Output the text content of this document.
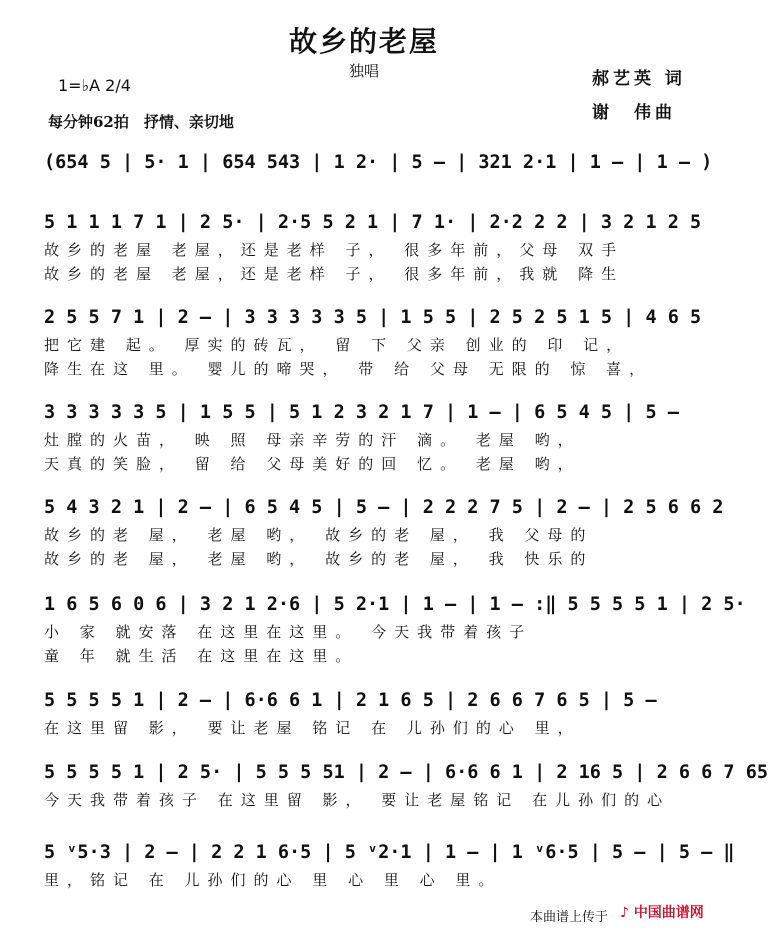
故乡的老屋
独唱	郝艺英 词
谢　伟曲
1=♭A 2/4
每分钟62拍　抒情、亲切地
(654 5 | 5· 1 | 654 543 | 1 2· | 5 – | 321 2·1 | 1 – | 1 – )
5 1 1 1 7 1 | 2 5· | 2·5 5 2 1 | 7 1· | 2·2 2 2 | 3 2 1 2 5
故乡的老屋 老屋，还是老样 子， 很多年前，父母 双手
故乡的老屋 老屋，还是老样 子， 很多年前，我就 降生
2 5 5 7 1 | 2 – | 3 3 3 3 3 5 | 1 5 5 | 2 5 2 5 1 5 | 4 6 5
把它建 起。 厚实的砖瓦， 留 下 父亲 创业的 印 记，
降生在这 里。 婴儿的啼哭， 带 给 父母 无限的 惊 喜，
3 3 3 3 3 5 | 1 5 5 | 5 1 2 3 2 1 7 | 1 – | 6 5 4 5 | 5 –
灶膛的火苗， 映 照 母亲辛劳的汗 滴。 老屋 哟，
天真的笑脸， 留 给 父母美好的回 忆。 老屋 哟，
5 4 3 2 1 | 2 – | 6 5 4 5 | 5 – | 2 2 2 7 5 | 2 – | 2 5 6 6 2
故乡的老 屋， 老屋 哟， 故乡的老 屋， 我 父母的
故乡的老 屋， 老屋 哟， 故乡的老 屋， 我 快乐的
1 6 5 6 0 6 | 3 2 1 2·6 | 5 2·1 | 1 – | 1 – :‖ 5 5 5 5 1 | 2 5·
小 家 就安落 在这里在这里。 今天我带着孩子
童 年 就生活 在这里在这里。
5 5 5 5 1 | 2 – | 6·6 6 1 | 2 1 6 5 | 2 6 6 7 6 5 | 5 –
在这里留 影， 要让老屋 铭记 在 儿孙们的心 里，
5 5 5 5 1 | 2 5· | 5 5 5 51 | 2 – | 6·6 6 1 | 2 16 5 | 2 6 6 7 65
今天我带着孩子 在这里留 影， 要让老屋铭记 在儿孙们的心
5 ᵛ5·3 | 2 – | 2 2 1 6·5 | 5 ᵛ2·1 | 1 – | 1 ᵛ6·5 | 5 – | 5 – ‖
里，铭记 在 儿孙们的心 里 心 里 心 里。
本曲谱上传于 ♪ 中国曲谱网
